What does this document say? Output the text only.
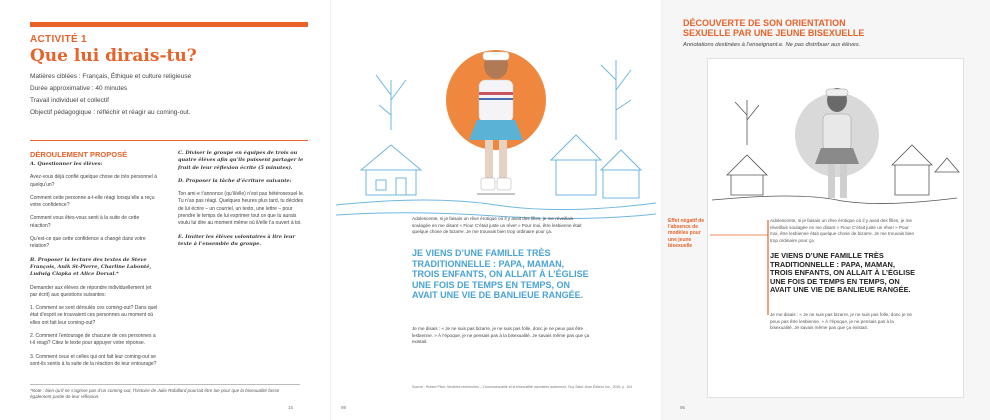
ACTIVITÉ 1
Que lui dirais-tu?
Matières ciblées : Français, Éthique et culture religieuse
Durée approximative : 40 minutes
Travail individuel et collectif
Objectif pédagogique : réfléchir et réagir au coming-out.
DÉROULEMENT PROPOSÉ

A. Questionner les élèves:

Avez-vous déjà confié quelque chose de très personnel à quelqu’un?

Comment cette personne a-t-elle réagi lorsqu’elle a reçu votre confidence?

Comment vous êtes-vous senti à la suite de cette réaction?

Qu’est-ce que cette confidence a changé dans votre relation?

B. Proposer la lecture des textes de Steve François, Anik St-Pierre, Charline Labonté, Ludwig Clapka et Alice Dorval.*

Demander aux élèves de répondre individuellement (et par écrit) aux questions suivantes:

1. Comment se sont déroulés ces coming-out? Dans quel état d’esprit se trouvaient ces personnes au moment où elles ont fait leur coming-out?

2. Comment l’entourage de chacune de ces personnes a t-il réagi? Citez le texte pour appuyer votre réponse.

3. Comment ceux et celles qui ont fait leur coming-out se sont-ils sentis à la suite de la réaction de leur entourage?

C. Diviser le groupe en équipes de trois ou quatre élèves afin qu’ils puissent partager le fruit de leur réflexion écrite (5 minutes).

D. Proposer la tâche d’écriture suivante:

Ton ami·e t’annonce (qu’il/elle) n’est pas hétérosexuel·le. Tu n’as pas réagi. Quelques heures plus tard, tu décides de lui écrire – un courriel, un texto, une lettre – pour prendre le temps de lui exprimer tout ce que tu aurais voulu lui dire au moment même où il/elle t’a ouvert à toi.

E. Inviter les élèves volontaires à lire leur texte à l’ensemble du groupe.

*Note : bien qu’il ne s’agisse pas d’un coming-out, l’histoire de Julie Robillard pourrait être lue pour que la bisexualité fasse également partie de leur réflexion.
15
Adolescente, si je faisais un rêve érotique où il y avait des filles, je me réveillais soulagée en me disant « Fiou! C’était juste un rêve! » Pour moi, être lesbienne était quelque chose de bizarre. Je me trouvais bien trop ordinaire pour ça.
JE VIENS D’UNE FAMILLE TRÈS TRADITIONNELLE : PAPA, MAMAN, TROIS ENFANTS, ON ALLAIT À L’ÉGLISE UNE FOIS DE TEMPS EN TEMPS, ON AVAIT UNE VIE DE BANLIEUE RANGÉE.
Je me disais : « Je ne suis pas bizarre, je ne suis pas folle, donc je ne peux pas être lesbienne. » À l’époque, je ne pensais pas à la bisexualité. Je savais même pas que ça existait.
Source : Robert Pilon, Modèles recherchés – L’homosexualité et la bisexualité racontées autrement, Guy Saint-Jean Éditeur Inc., 2015, p. 104
98
DÉCOUVERTE DE SON ORIENTATION SEXUELLE PAR UNE JEUNE BISEXUELLE
Annotations destinées à l’enseignant.e. Ne pas distribuer aux élèves.
Effet négatif de l’absence de modèles pour une jeune bisexuelle
Adolescente, si je faisais un rêve érotique où il y avait des filles, je me réveillais soulagée en me disant « Fiou! C’était juste un rêve! » Pour moi, être lesbienne était quelque chose de bizarre. Je me trouvais bien trop ordinaire pour ça.
JE VIENS D’UNE FAMILLE TRÈS TRADITIONNELLE : PAPA, MAMAN, TROIS ENFANTS, ON ALLAIT À L’ÉGLISE UNE FOIS DE TEMPS EN TEMPS, ON AVAIT UNE VIE DE BANLIEUE RANGÉE.
Je me disais : « Je ne suis pas bizarre, je ne suis pas folle, donc je ne peux pas être lesbienne. » À l’époque, je ne pensais pas à la bisexualité. Je savais même pas que ça existait.
96
